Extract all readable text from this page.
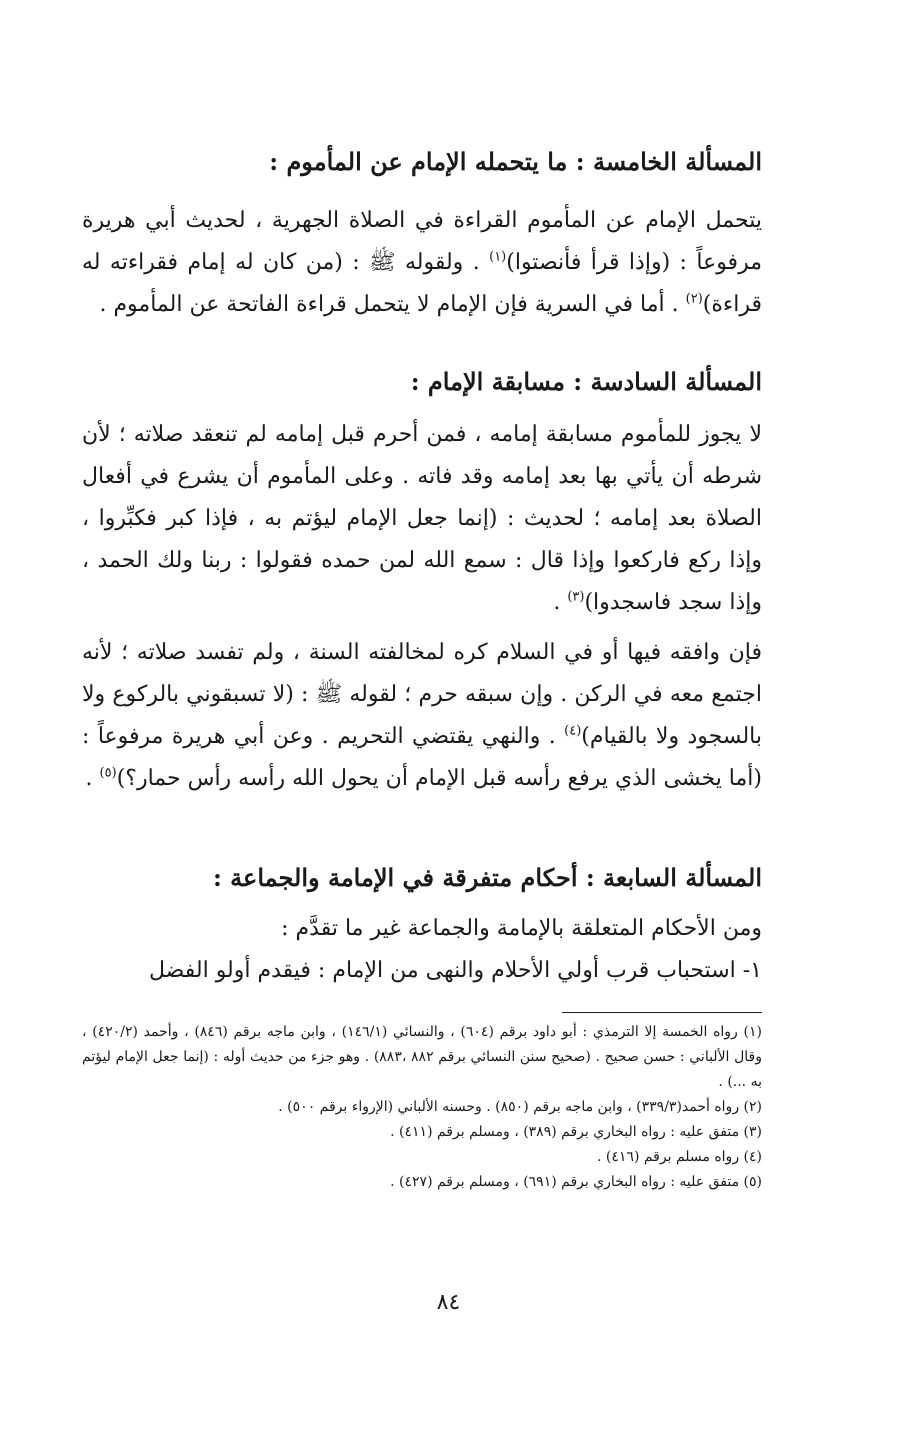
المسألة الخامسة : ما يتحمله الإمام عن المأموم :

يتحمل الإمام عن المأموم القراءة في الصلاة الجهرية ، لحديث أبي هريرة مرفوعاً : (وإذا قرأ فأنصتوا)$^{(١)}$ . ولقوله ﷺ : (من كان له إمام فقراءته له قراءة)$^{(٢)}$ . أما في السرية فإن الإمام لا يتحمل قراءة الفاتحة عن المأموم .

المسألة السادسة : مسابقة الإمام :

لا يجوز للمأموم مسابقة إمامه ، فمن أحرم قبل إمامه لم تنعقد صلاته ؛ لأن شرطه أن يأتي بها بعد إمامه وقد فاته . وعلى المأموم أن يشرع في أفعال الصلاة بعد إمامه ؛ لحديث : (إنما جعل الإمام ليؤتم به ، فإذا كبر فكبِّروا ، وإذا ركع فاركعوا وإذا قال : سمع الله لمن حمده فقولوا : ربنا ولك الحمد ، وإذا سجد فاسجدوا)$^{(٣)}$ .

فإن وافقه فيها أو في السلام كره لمخالفته السنة ، ولم تفسد صلاته ؛ لأنه اجتمع معه في الركن . وإن سبقه حرم ؛ لقوله ﷺ : (لا تسبقوني بالركوع ولا بالسجود ولا بالقيام)$^{(٤)}$ . والنهي يقتضي التحريم . وعن أبي هريرة مرفوعاً : (أما يخشى الذي يرفع رأسه قبل الإمام أن يحول الله رأسه رأس حمار؟)$^{(٥)}$ .

المسألة السابعة : أحكام متفرقة في الإمامة والجماعة :

ومن الأحكام المتعلقة بالإمامة والجماعة غير ما تقدَّم :

١- استحباب قرب أولي الأحلام والنهى من الإمام : فيقدم أولو الفضل

(١) رواه الخمسة إلا الترمذي : أبو داود برقم (٦٠٤) ، والنسائي (١٤٦/١) ، وابن ماجه برقم (٨٤٦) ، وأحمد (٤٢٠/٢) ، وقال الألباني : حسن صحيح . (صحيح سنن النسائي برقم ٨٨٢ ،٨٨٣) . وهو جزء من حديث أوله : (إنما جعل الإمام ليؤتم به ...) .

(٢) رواه أحمد(٣٣٩/٣) ، وابن ماجه برقم (٨٥٠) . وحسنه الألباني (الإرواء برقم ٥٠٠) .

(٣) متفق عليه : رواه البخاري برقم (٣٨٩) ، ومسلم برقم (٤١١) .

(٤) رواه مسلم برقم (٤١٦) .

(٥) متفق عليه : رواه البخاري برقم (٦٩١) ، ومسلم برقم (٤٢٧) .

٨٤
